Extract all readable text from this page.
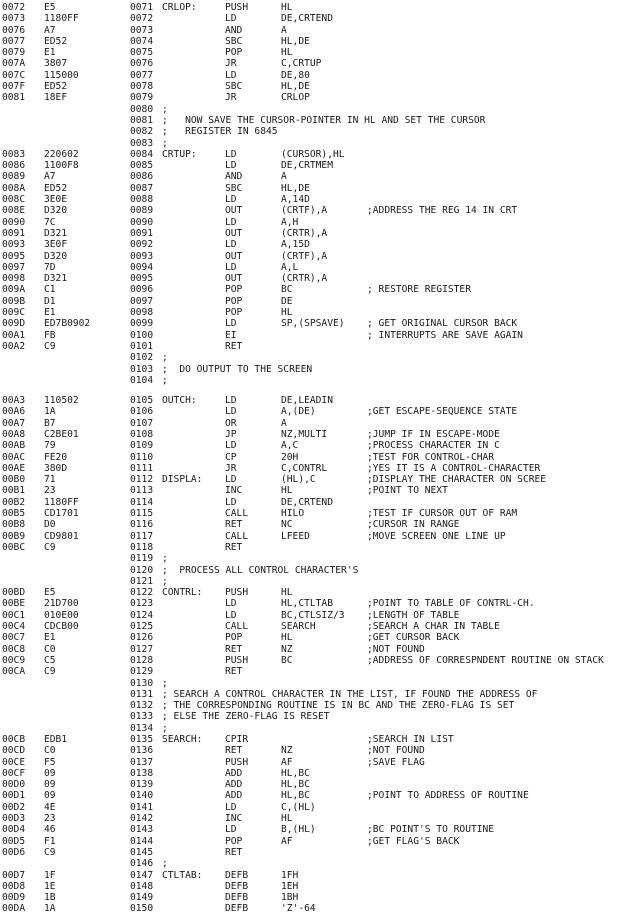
0072 E5	0071 CRLOP:	PUSH	HL
0073 1180FF	0072	LD	DE,CRTEND
0076 A7	0073	AND	A
0077 ED52	0074	SBC	HL,DE
0079 E1	0075	POP	HL
007A 3807	0076	JR	C,CRTUP
007C 115000	0077	LD	DE,80
007F ED52	0078	SBC	HL,DE
0081 18EF	0079	JR	CRLOP
0080 ;
0081 ;   NOW SAVE THE CURSOR-POINTER IN HL AND SET THE CURSOR
0082 ;   REGISTER IN 6845
0083 ;
0083 220602	0084 CRTUP:	LD	(CURSOR),HL
0086 1100F8	0085	LD	DE,CRTMEM
0089 A7	0086	AND	A
008A ED52	0087	SBC	HL,DE
008C 3E0E	0088	LD	A,14D
008E D320	0089	OUT	(CRTF),A	;ADDRESS THE REG 14 IN CRT
0090 7C	0090	LD	A,H
0091 D321	0091	OUT	(CRTR),A
0093 3E0F	0092	LD	A,15D
0095 D320	0093	OUT	(CRTF),A
0097 7D	0094	LD	A,L
0098 D321	0095	OUT	(CRTR),A
009A C1	0096	POP	BC	; RESTORE REGISTER
009B D1	0097	POP	DE
009C E1	0098	POP	HL
009D ED7B0902	0099	LD	SP,(SPSAVE) ; GET ORIGINAL CURSOR BACK
00A1 FB	0100	EI	; INTERRUPTS ARE SAVE AGAIN
00A2 C9	0101	RET
0102 ;
0103 ;  DO OUTPUT TO THE SCREEN
0104 ;
00A3 110502	0105 OUTCH:	LD	DE,LEADIN
00A6 1A	0106	LD	A,(DE)	;GET ESCAPE-SEQUENCE STATE
00A7 B7	0107	OR	A
00A8 C2BE01	0108	JP	NZ,MULTI	;JUMP IF IN ESCAPE-MODE
00AB 79	0109	LD	A,C	;PROCESS CHARACTER IN C
00AC FE20	0110	CP	20H	;TEST FOR CONTROL-CHAR
00AE 380D	0111	JR	C,CONTRL	;YES IT IS A CONTROL-CHARACTER
00B0 71	0112 DISPLA: LD	(HL),C	;DISPLAY THE CHARACTER ON SCREE
00B1 23	0113	INC	HL	;POINT TO NEXT
00B2 1180FF	0114	LD	DE,CRTEND
00B5 CD1701	0115	CALL	HILO	;TEST IF CURSOR OUT OF RAM
00B8 D0	0116	RET	NC	;CURSOR IN RANGE
00B9 CD9801	0117	CALL	LFEED	;MOVE SCREEN ONE LINE UP
00BC C9	0118	RET
0119 ;
0120 ;  PROCESS ALL CONTROL CHARACTER'S
0121 ;
00BD E5	0122 CONTRL: PUSH	HL
00BE 21D700	0123	LD	HL,CTLTAB	;POINT TO TABLE OF CONTRL-CH.
00C1 010E00	0124	LD	BC,CTLSIZ/3 ;LENGTH OF TABLE
00C4 CDCB00	0125	CALL	SEARCH	;SEARCH A CHAR IN TABLE
00C7 E1	0126	POP	HL	;GET CURSOR BACK
00C8 C0	0127	RET	NZ	;NOT FOUND
00C9 C5	0128	PUSH	BC	;ADDRESS OF CORRESPNDENT ROUTINE ON STACK
00CA C9	0129	RET
0130 ;
0131 ; SEARCH A CONTROL CHARACTER IN THE LIST, IF FOUND THE ADDRESS OF
0132 ; THE CORRESPONDING ROUTINE IS IN BC AND THE ZERO-FLAG IS SET
0133 ; ELSE THE ZERO-FLAG IS RESET
0134 ;
00CB EDB1	0135 SEARCH: CPIR	;SEARCH IN LIST
00CD C0	0136	RET	NZ	;NOT FOUND
00CE F5	0137	PUSH	AF	;SAVE FLAG
00CF 09	0138	ADD	HL,BC
00D0 09	0139	ADD	HL,BC
00D1 09	0140	ADD	HL,BC	;POINT TO ADDRESS OF ROUTINE
00D2 4E	0141	LD	C,(HL)
00D3 23	0142	INC	HL
00D4 46	0143	LD	B,(HL)	;BC POINT'S TO ROUTINE
00D5 F1	0144	POP	AF	;GET FLAG'S BACK
00D6 C9	0145	RET
0146 ;
00D7 1F	0147 CTLTAB: DEFB	1FH
00D8 1E	0148	DEFB	1EH
00D9 1B	0149	DEFB	1BH
00DA 1A	0150	DEFB	'Z'-64
